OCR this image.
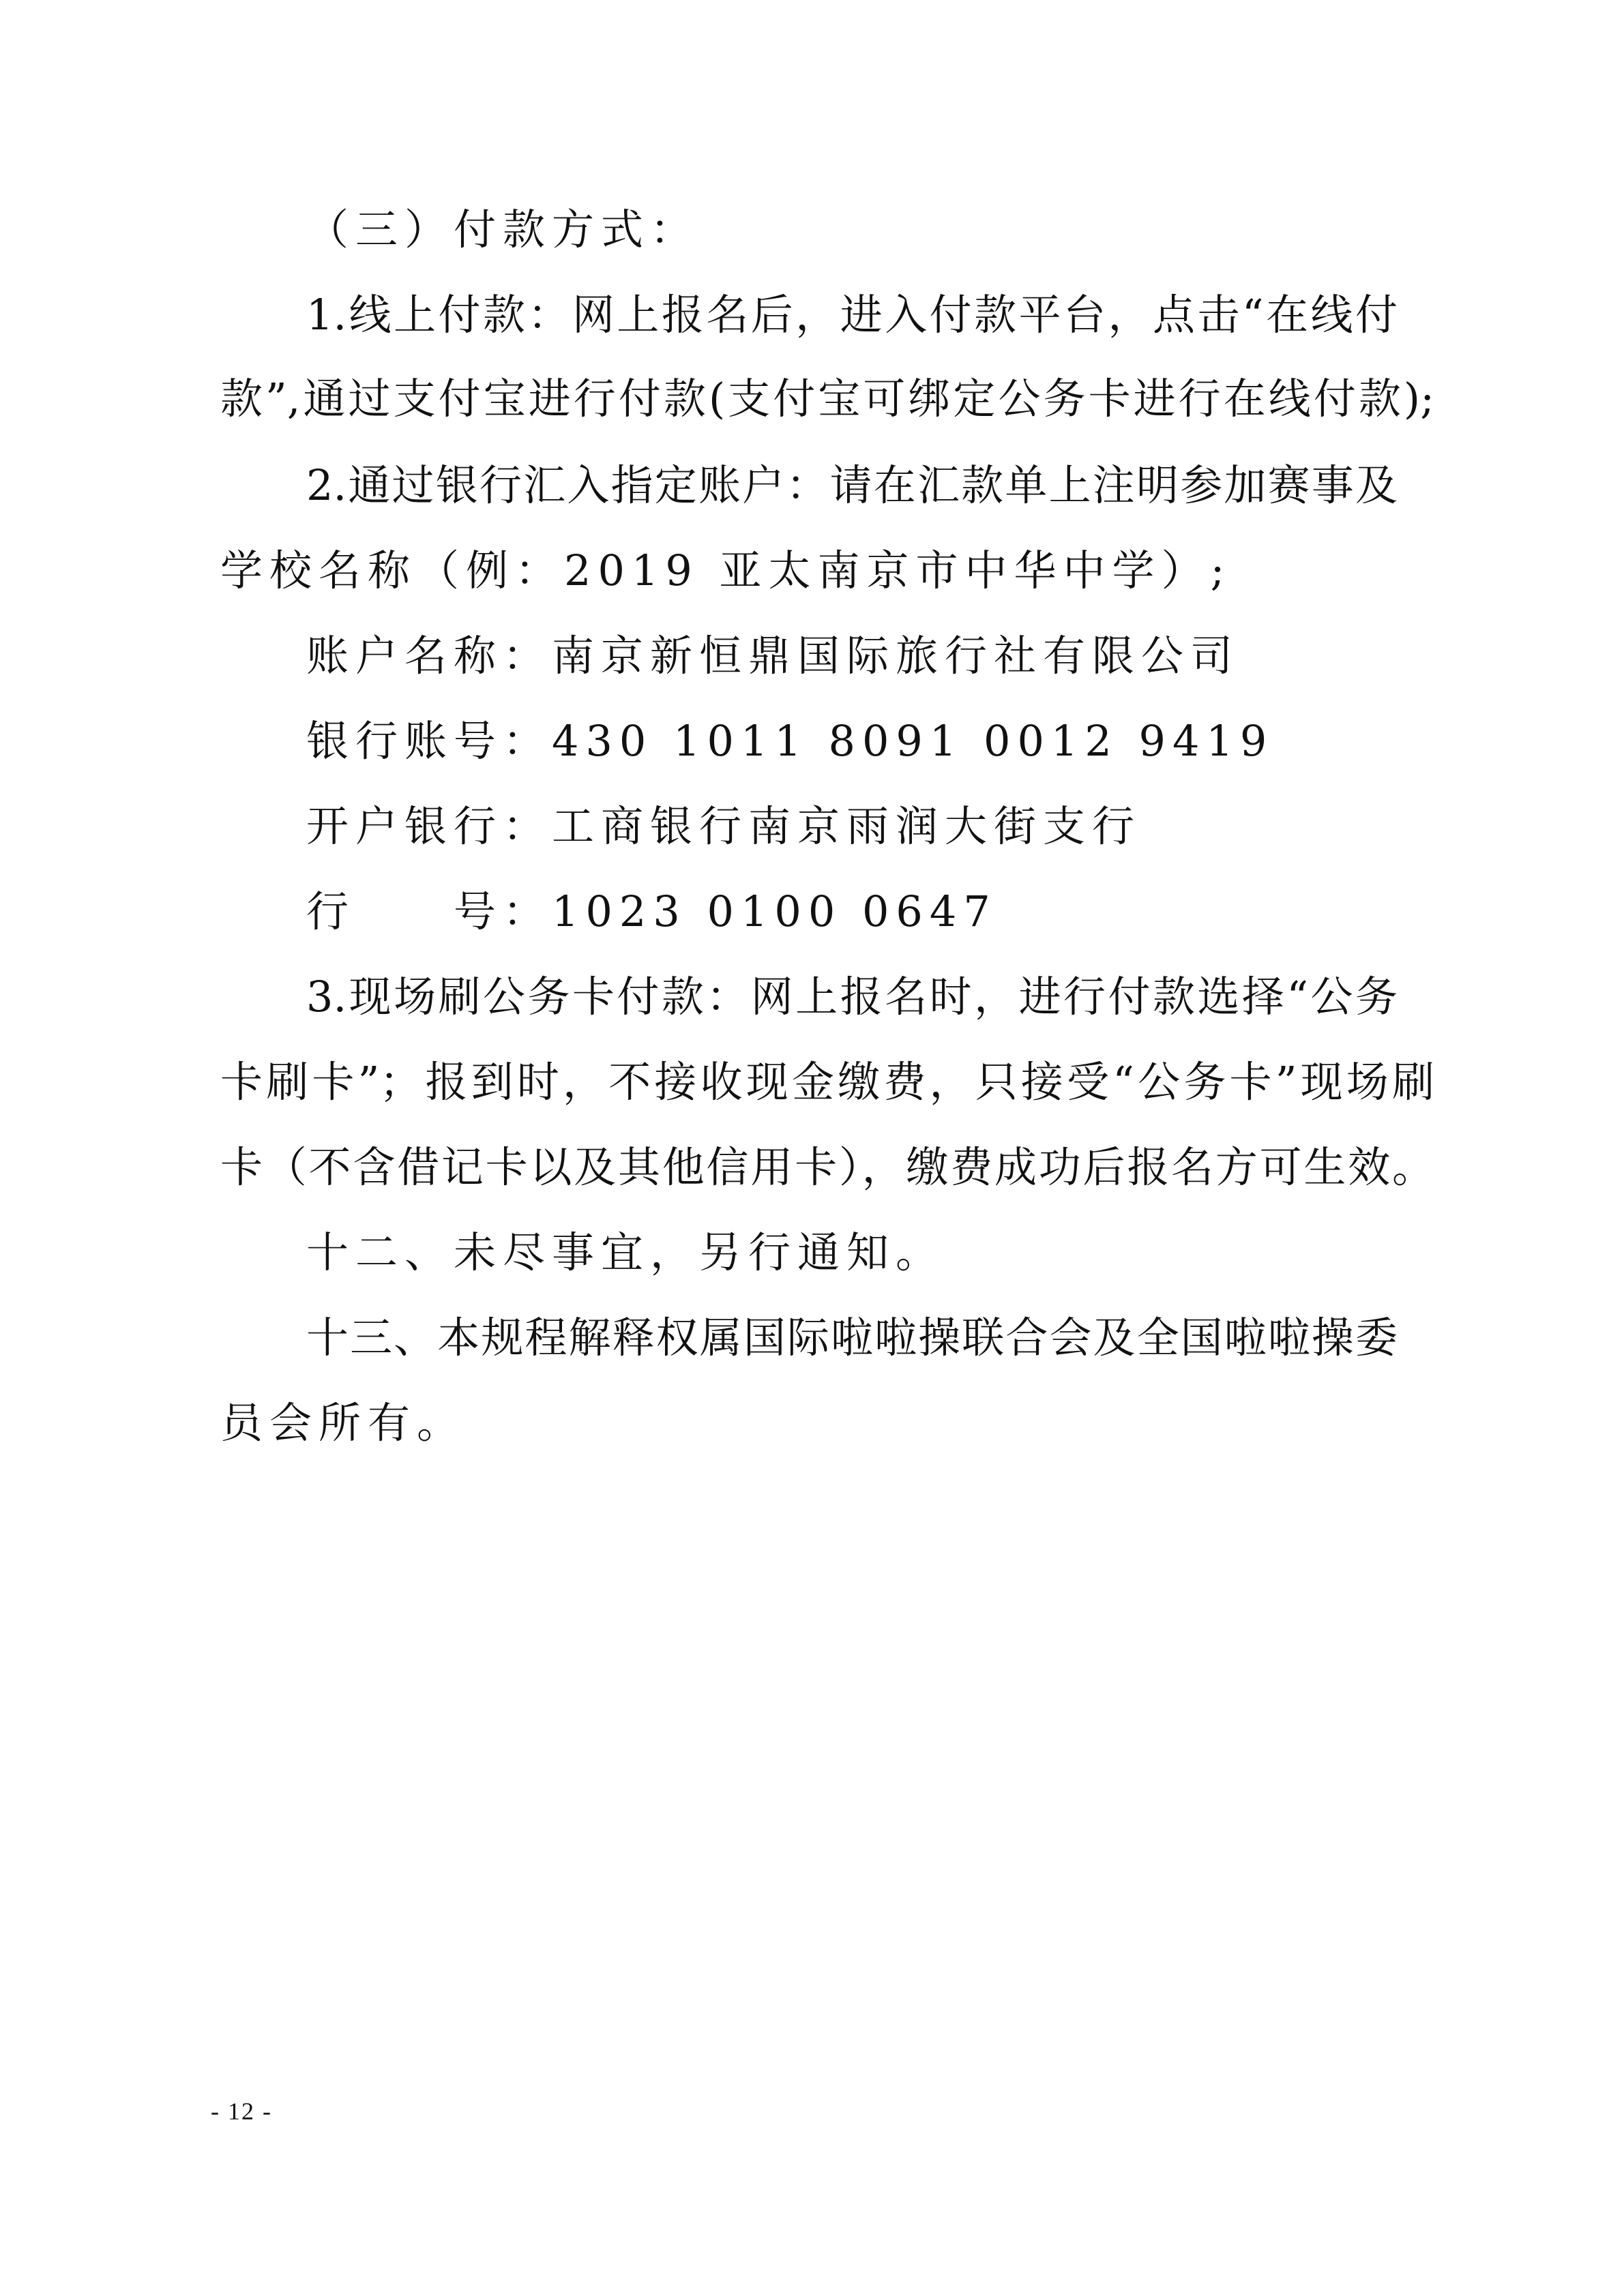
（三）付款方式：
1.线上付款：网上报名后，进入付款平台，点击“在线付
款”,通过支付宝进行付款(支付宝可绑定公务卡进行在线付款);
2.通过银行汇入指定账户：请在汇款单上注明参加赛事及
学校名称（例：2019 亚太南京市中华中学）;
账户名称：南京新恒鼎国际旅行社有限公司
银行账号：430 1011 8091 0012 9419
开户银行：工商银行南京雨润大街支行
行　　号：1023 0100 0647
3.现场刷公务卡付款：网上报名时，进行付款选择“公务
卡刷卡”；报到时，不接收现金缴费，只接受“公务卡”现场刷
卡（不含借记卡以及其他信用卡），缴费成功后报名方可生效。
十二、未尽事宜，另行通知。
十三、本规程解释权属国际啦啦操联合会及全国啦啦操委
员会所有。
- 12 -
